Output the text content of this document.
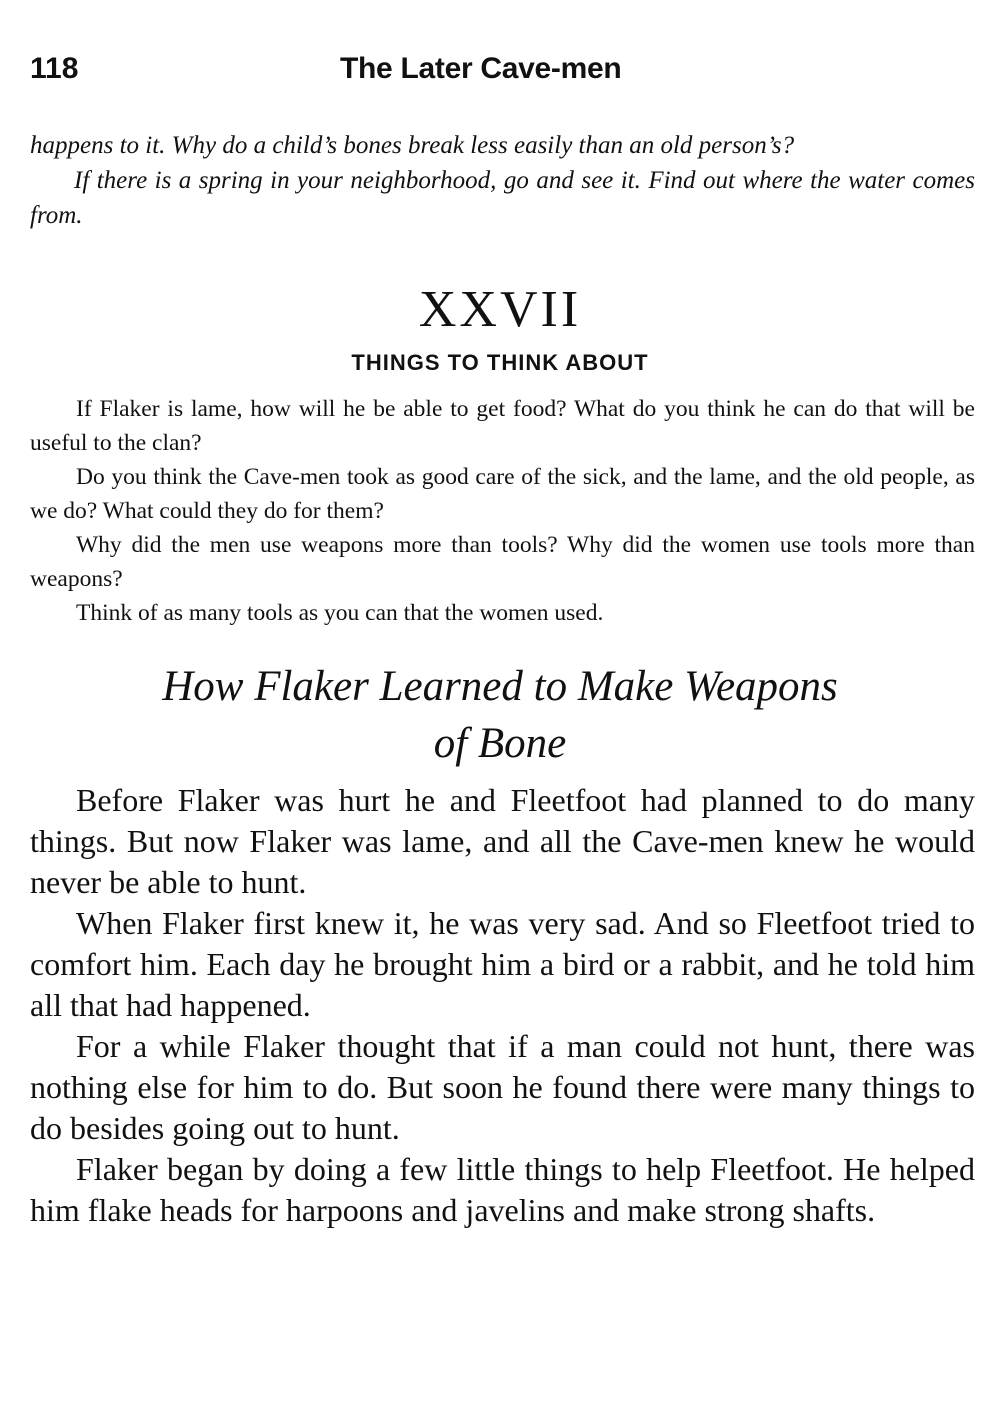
118	The Later Cave-men

happens to it. Why do a child’s bones break less easily than an old person’s?

If there is a spring in your neighborhood, go and see it. Find out where the water comes from.

XXVII
THINGS TO THINK ABOUT

If Flaker is lame, how will he be able to get food? What do you think he can do that will be useful to the clan?

Do you think the Cave-men took as good care of the sick, and the lame, and the old people, as we do? What could they do for them?

Why did the men use weapons more than tools? Why did the women use tools more than weapons?

Think of as many tools as you can that the women used.

How Flaker Learned to Make Weapons
of Bone

Before Flaker was hurt he and Fleetfoot had planned to do many things. But now Flaker was lame, and all the Cave-men knew he would never be able to hunt.

When Flaker first knew it, he was very sad. And so Fleetfoot tried to comfort him. Each day he brought him a bird or a rabbit, and he told him all that had happened.

For a while Flaker thought that if a man could not hunt, there was nothing else for him to do. But soon he found there were many things to do besides going out to hunt.

Flaker began by doing a few little things to help Fleetfoot. He helped him flake heads for harpoons and javelins and make strong shafts.
